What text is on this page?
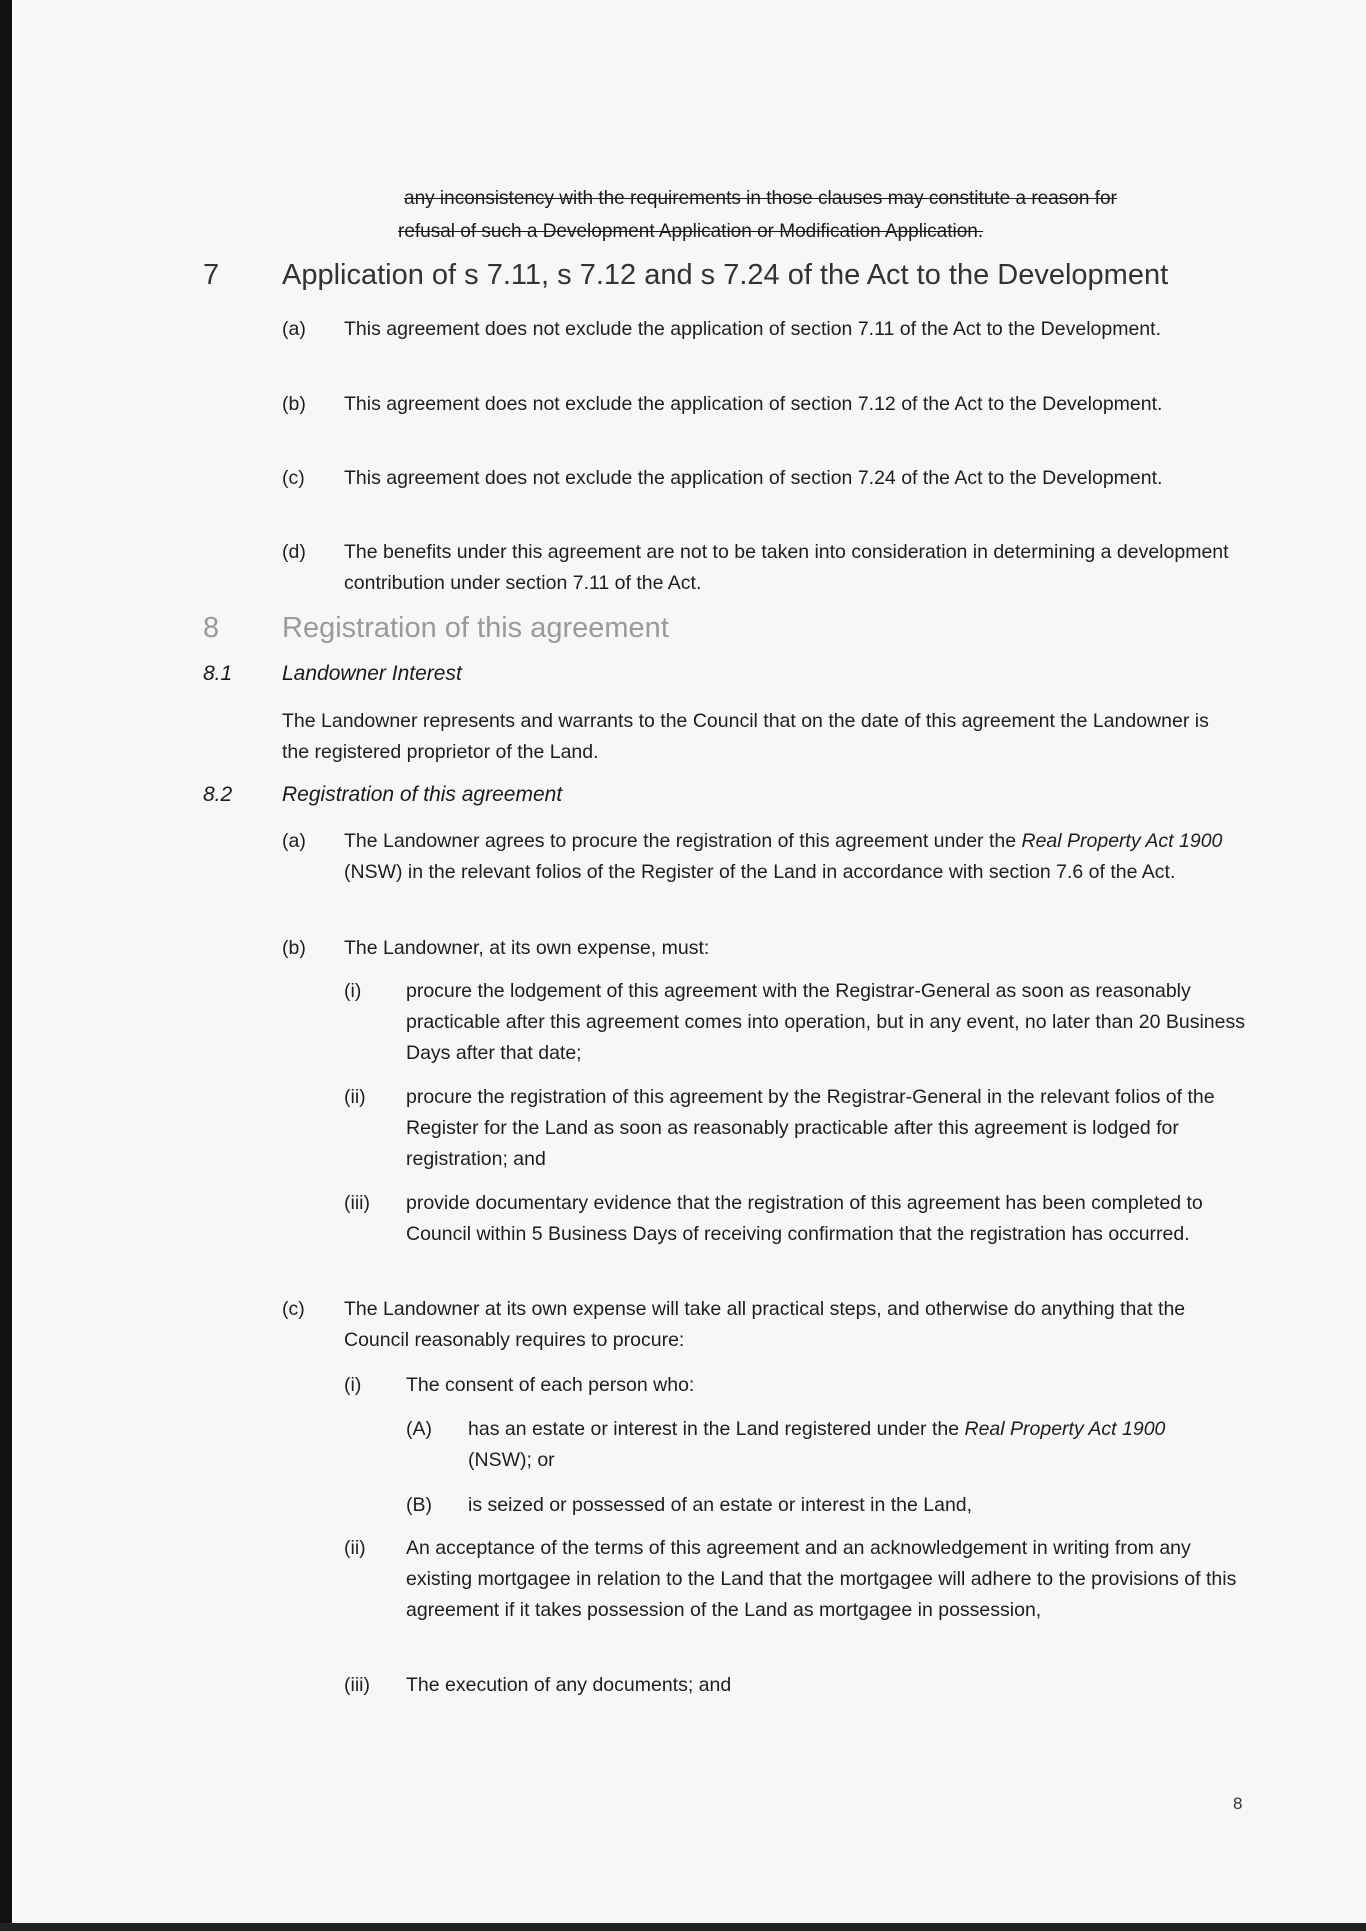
any inconsistency with the requirements in those clauses may constitute a reason for
refusal of such a Development Application or Modification Application.
7 Application of s 7.11, s 7.12 and s 7.24 of the Act to the Development
(a) This agreement does not exclude the application of section 7.11 of the Act to the Development.
(b) This agreement does not exclude the application of section 7.12 of the Act to the Development.
(c) This agreement does not exclude the application of section 7.24 of the Act to the Development.
(d) The benefits under this agreement are not to be taken into consideration in determining a development contribution under section 7.11 of the Act.
8 Registration of this agreement
8.1 Landowner Interest
The Landowner represents and warrants to the Council that on the date of this agreement the Landowner is the registered proprietor of the Land.
8.2 Registration of this agreement
(a) The Landowner agrees to procure the registration of this agreement under the Real Property Act 1900 (NSW) in the relevant folios of the Register of the Land in accordance with section 7.6 of the Act.
(b) The Landowner, at its own expense, must:
(i) procure the lodgement of this agreement with the Registrar-General as soon as reasonably practicable after this agreement comes into operation, but in any event, no later than 20 Business Days after that date;
(ii) procure the registration of this agreement by the Registrar-General in the relevant folios of the Register for the Land as soon as reasonably practicable after this agreement is lodged for registration; and
(iii) provide documentary evidence that the registration of this agreement has been completed to Council within 5 Business Days of receiving confirmation that the registration has occurred.
(c) The Landowner at its own expense will take all practical steps, and otherwise do anything that the Council reasonably requires to procure:
(i) The consent of each person who:
(A) has an estate or interest in the Land registered under the Real Property Act 1900 (NSW); or
(B) is seized or possessed of an estate or interest in the Land,
(ii) An acceptance of the terms of this agreement and an acknowledgement in writing from any existing mortgagee in relation to the Land that the mortgagee will adhere to the provisions of this agreement if it takes possession of the Land as mortgagee in possession,
(iii) The execution of any documents; and
8
